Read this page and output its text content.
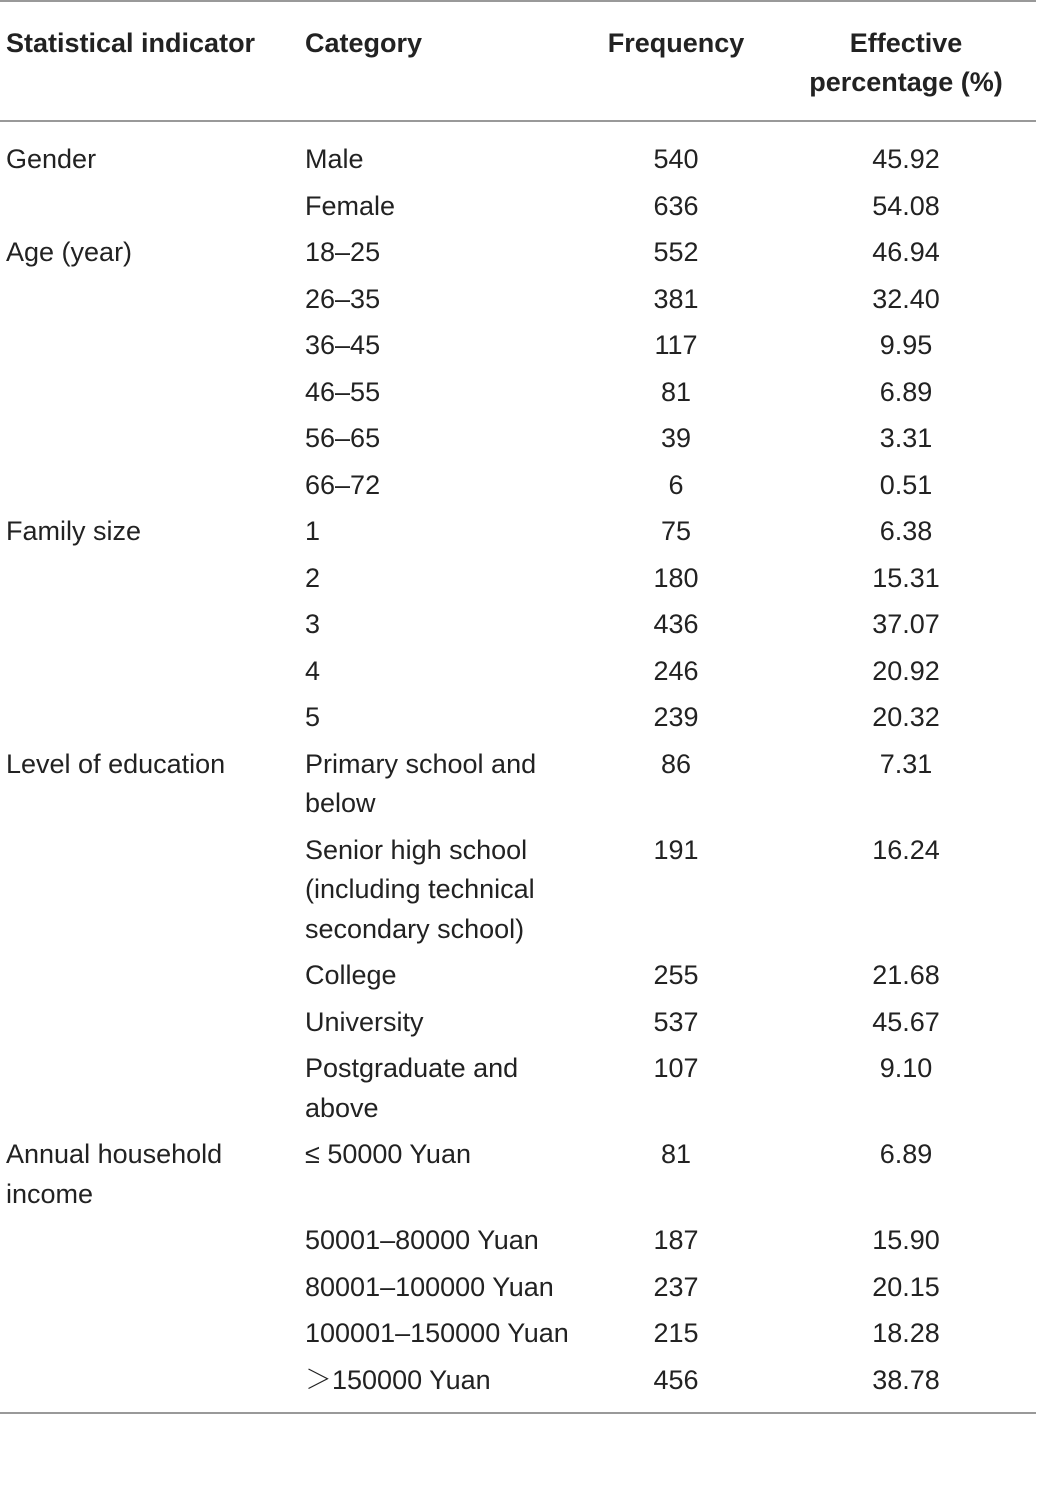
Statistical indicator	Category	Frequency	Effective percentage (%)
Gender	Male	540	45.92
	Female	636	54.08
Age (year)	18–25	552	46.94
	26–35	381	32.40
	36–45	117	9.95
	46–55	81	6.89
	56–65	39	3.31
	66–72	6	0.51
Family size	1	75	6.38
	2	180	15.31
	3	436	37.07
	4	246	20.92
	5	239	20.32
Level of education	Primary school and below	86	7.31
	Senior high school (including technical secondary school)	191	16.24
	College	255	21.68
	University	537	45.67
	Postgraduate and above	107	9.10
Annual household income	≤ 50000 Yuan	81	6.89
	50001–80000 Yuan	187	15.90
	80001–100000 Yuan	237	20.15
	100001–150000 Yuan	215	18.28
	＞150000 Yuan	456	38.78
